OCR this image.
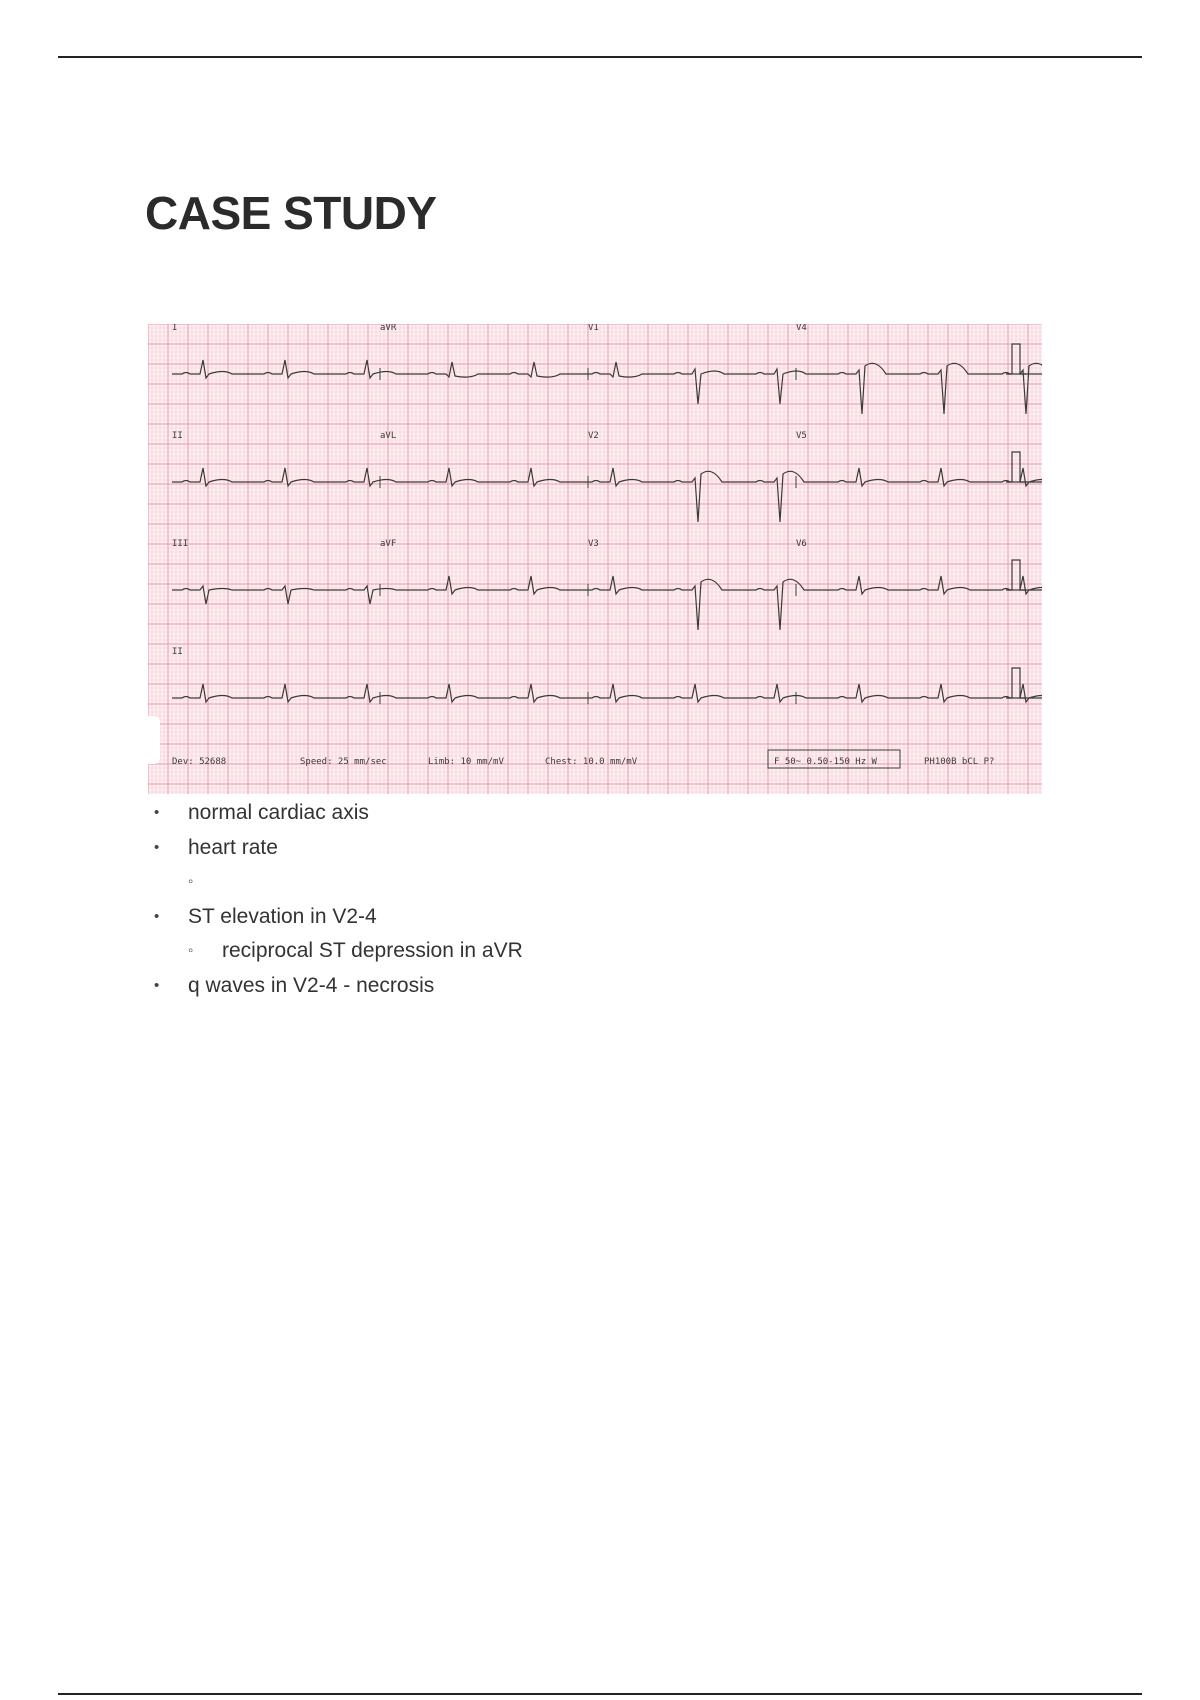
CASE STUDY
I	aVR	V1	V4
II	aVL	V2	V5
III	aVF	V3	V6
II
Dev: 52688	Speed: 25 mm/sec	Limb: 10 mm/mV	Chest: 10.0 mm/mV	F 50~ 0.50-150 Hz W	PH100B bCL P?
• normal cardiac axis
• heart rate
◦
• ST elevation in V2-4
◦ reciprocal ST depression in aVR
• q waves in V2-4 - necrosis
